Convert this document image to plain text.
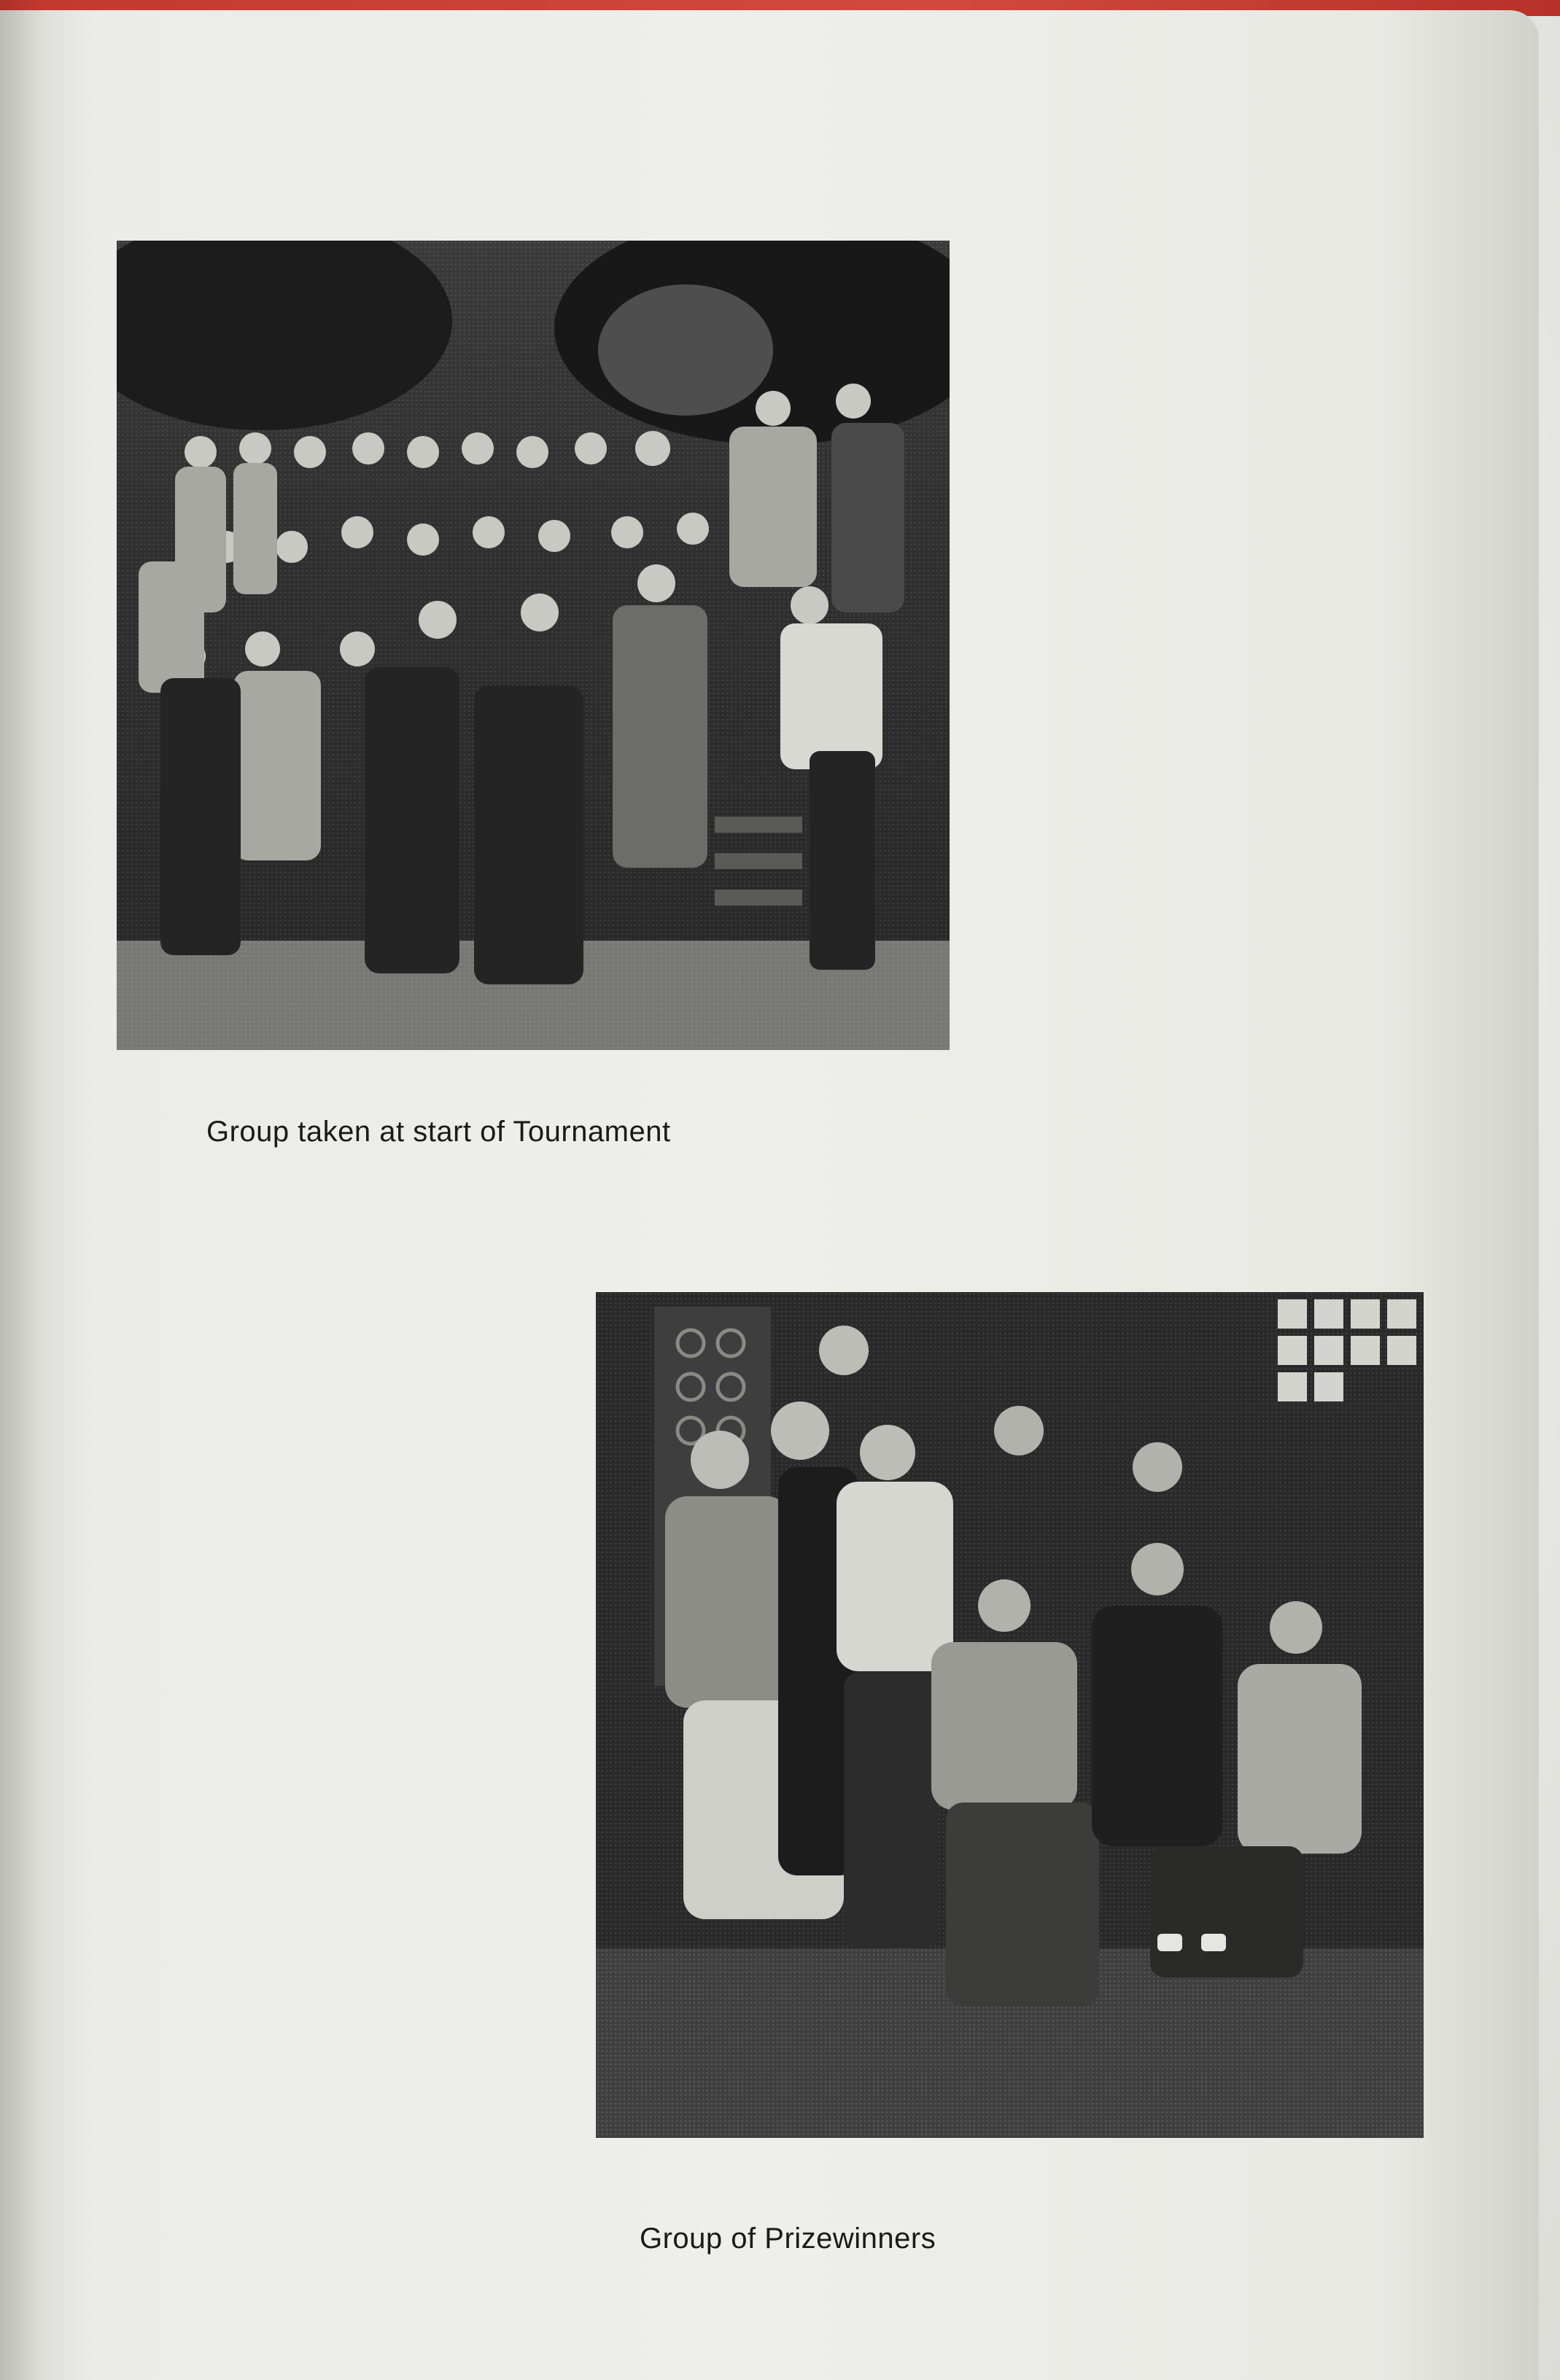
Group taken at start of Tournament
Group of Prizewinners
